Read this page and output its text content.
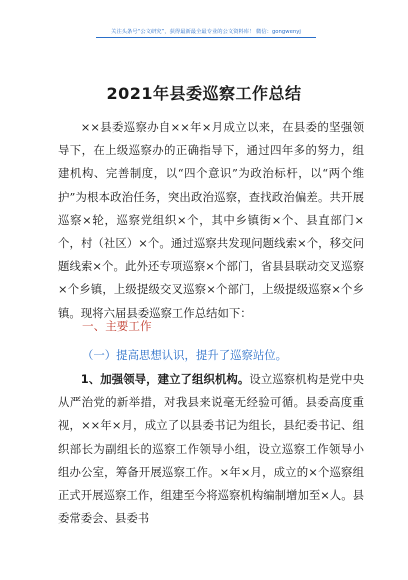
关注头条号“公文研究”，获得最新最全最专业的公文资料库！ 微信：gongwenyj
2021年县委巡察工作总结

××县委巡察办自××年×月成立以来，在县委的坚强领导下，在上级巡察办的正确指导下，通过四年多的努力，组建机构、完善制度，以“四个意识”为政治标杆，以“两个维护”为根本政治任务，突出政治巡察，查找政治偏差。共开展巡察×轮，巡察党组织×个，其中乡镇街×个、县直部门×个，村（社区）×个。通过巡察共发现问题线索×个，移交问题线索×个。此外还专项巡察×个部门，省县县联动交叉巡察×个乡镇，上级提级交叉巡察×个部门，上级提级巡察×个乡镇。现将六届县委巡察工作总结如下：

一、主要工作

（一）提高思想认识，提升了巡察站位。

1、加强领导，建立了组织机构。设立巡察机构是党中央从严治党的新举措，对我县来说毫无经验可循。县委高度重视，××年×月，成立了以县委书记为组长，县纪委书记、组织部长为副组长的巡察工作领导小组，设立巡察工作领导小组办公室，筹备开展巡察工作。×年×月，成立的×个巡察组正式开展巡察工作，组建至今将巡察机构编制增加至×人。县委常委会、县委书
